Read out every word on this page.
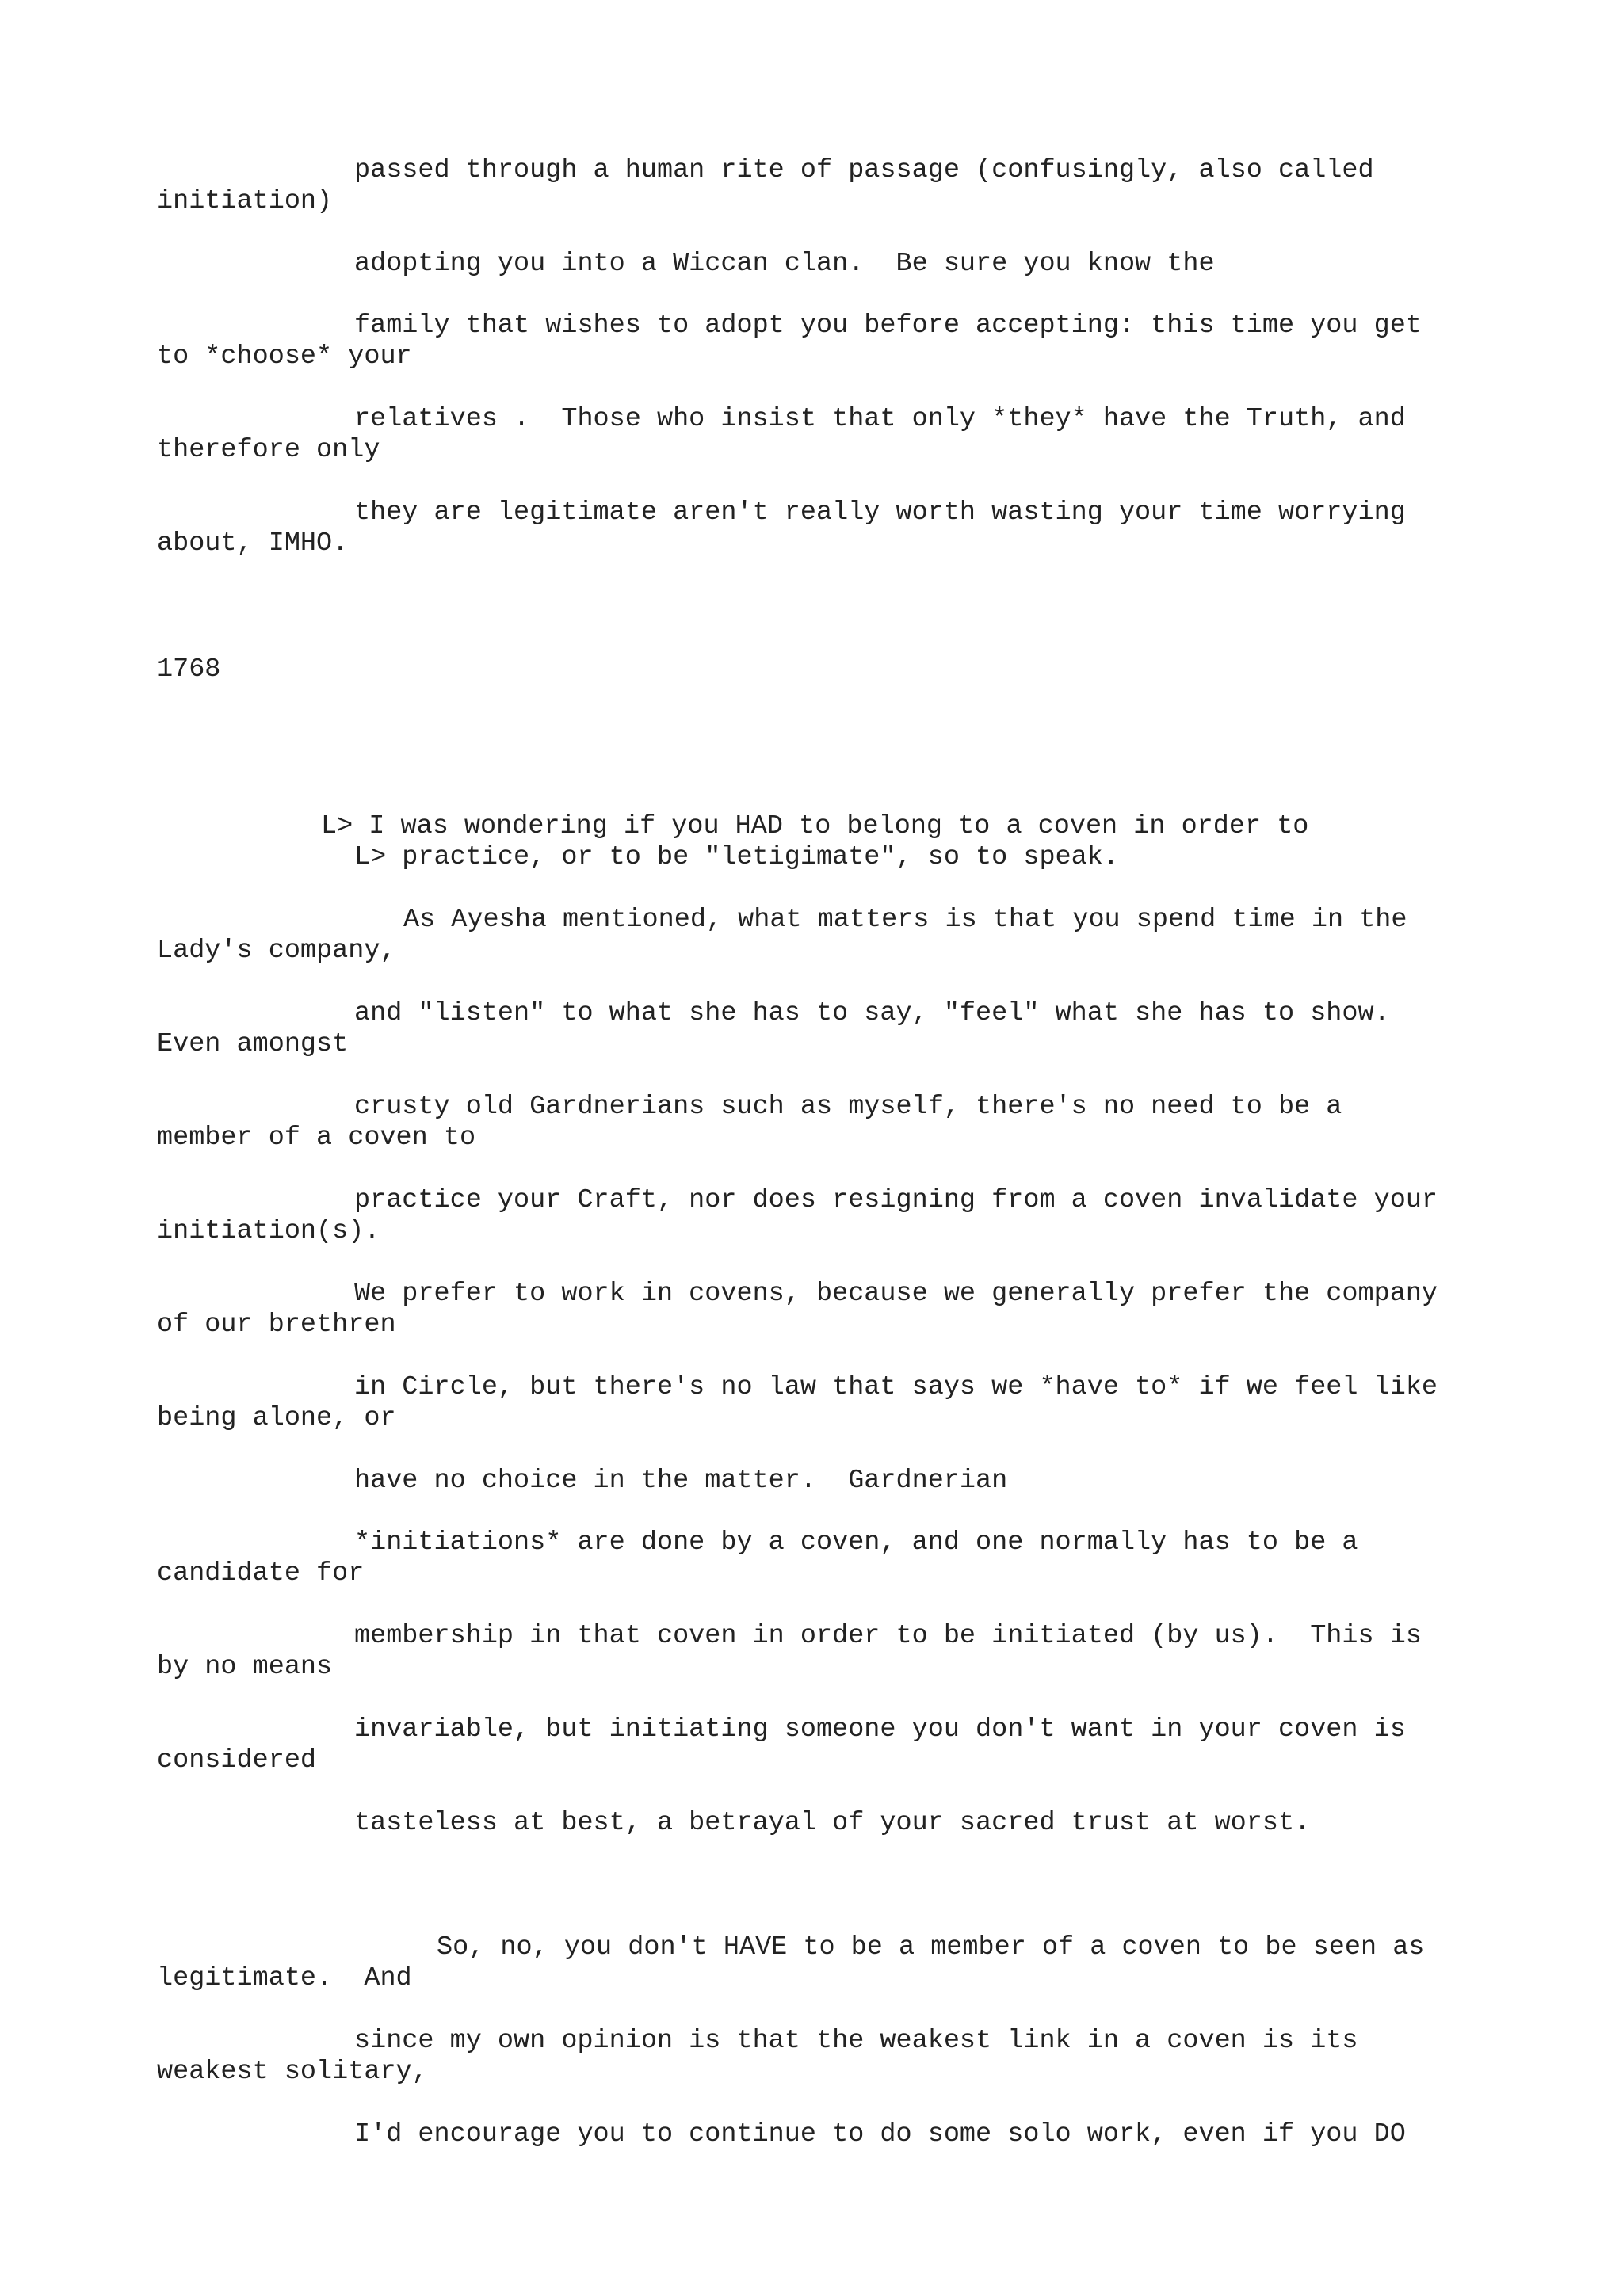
passed through a human rite of passage (confusingly, also called

initiation)

adopting you into a Wiccan clan.  Be sure you know the

family that wishes to adopt you before accepting: this time you get

to *choose* your

relatives .  Those who insist that only *they* have the Truth, and

therefore only

they are legitimate aren't really worth wasting your time worrying

about, IMHO.

1768

L> I was wondering if you HAD to belong to a coven in order to

L> practice, or to be "letigimate", so to speak.

As Ayesha mentioned, what matters is that you spend time in the

Lady's company,

and "listen" to what she has to say, "feel" what she has to show.

Even amongst

crusty old Gardnerians such as myself, there's no need to be a

member of a coven to

practice your Craft, nor does resigning from a coven invalidate your

initiation(s).

We prefer to work in covens, because we generally prefer the company

of our brethren

in Circle, but there's no law that says we *have to* if we feel like

being alone, or

have no choice in the matter.  Gardnerian

*initiations* are done by a coven, and one normally has to be a

candidate for

membership in that coven in order to be initiated (by us).  This is

by no means

invariable, but initiating someone you don't want in your coven is

considered

tasteless at best, a betrayal of your sacred trust at worst.

So, no, you don't HAVE to be a member of a coven to be seen as

legitimate.  And

since my own opinion is that the weakest link in a coven is its

weakest solitary,

I'd encourage you to continue to do some solo work, even if you DO
